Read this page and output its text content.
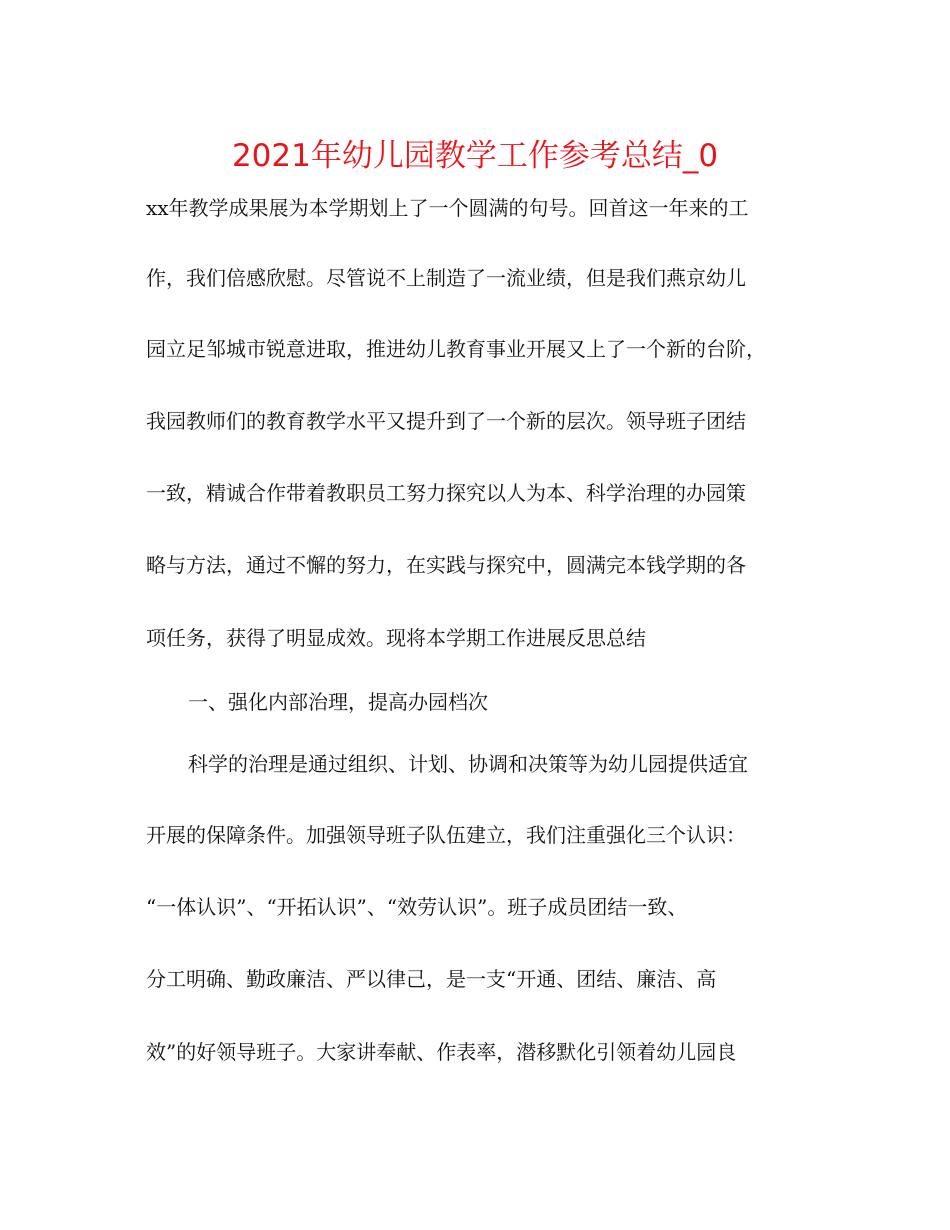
2021年幼儿园教学工作参考总结_0
xx年教学成果展为本学期划上了一个圆满的句号。回首这一年来的工
作，我们倍感欣慰。尽管说不上制造了一流业绩，但是我们燕京幼儿
园立足邹城市锐意进取，推进幼儿教育事业开展又上了一个新的台阶，
我园教师们的教育教学水平又提升到了一个新的层次。领导班子团结
一致，精诚合作带着教职员工努力探究以人为本、科学治理的办园策
略与方法，通过不懈的努力，在实践与探究中，圆满完本钱学期的各
项任务，获得了明显成效。现将本学期工作进展反思总结
一、强化内部治理，提高办园档次
科学的治理是通过组织、计划、协调和决策等为幼儿园提供适宜
开展的保障条件。加强领导班子队伍建立，我们注重强化三个认识：
“一体认识”、“开拓认识”、“效劳认识”。班子成员团结一致、
分工明确、勤政廉洁、严以律己，是一支“开通、团结、廉洁、高
效”的好领导班子。大家讲奉献、作表率，潜移默化引领着幼儿园良
